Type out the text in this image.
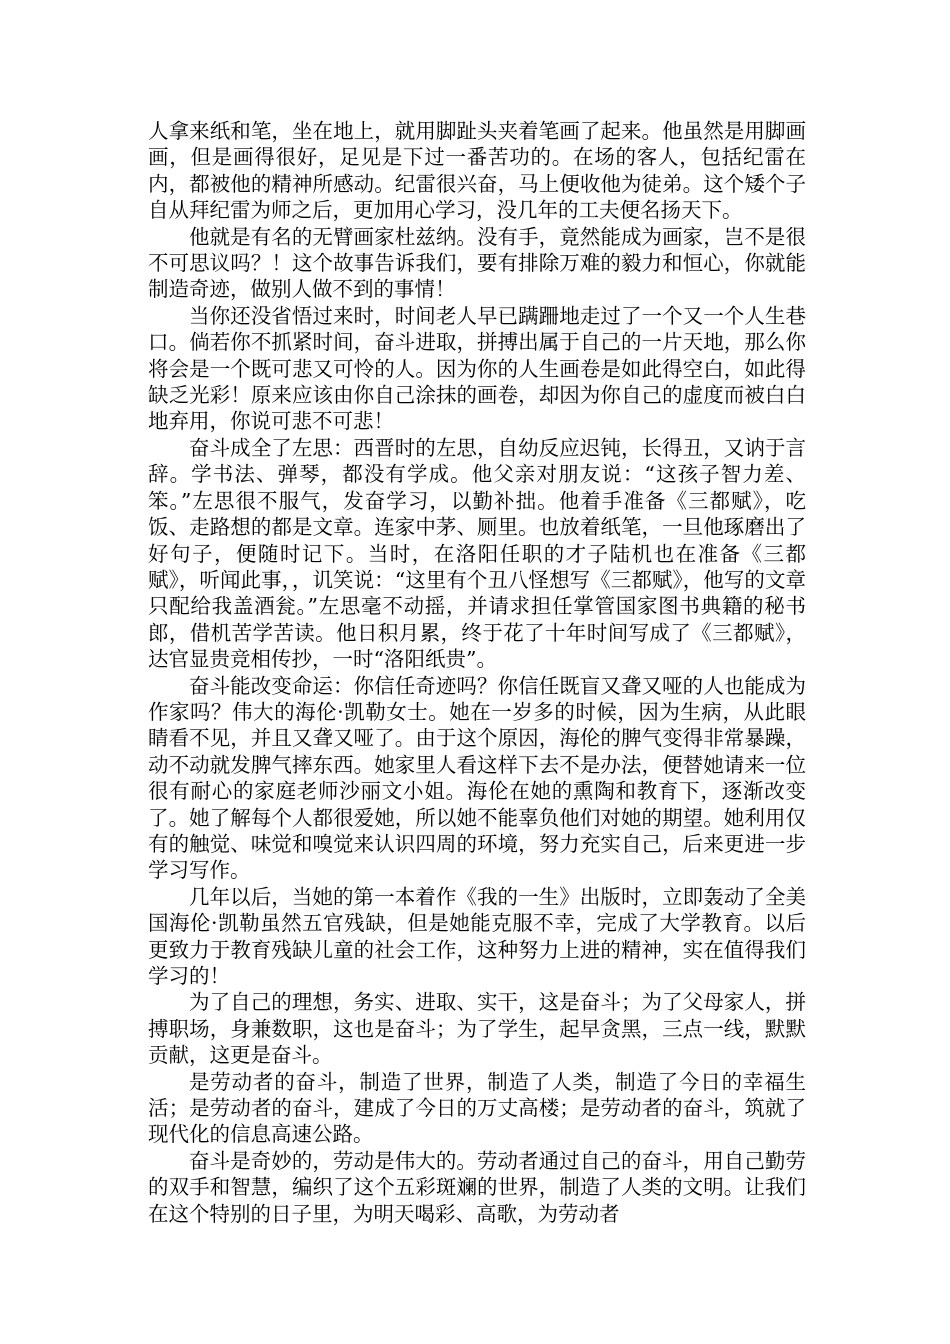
人拿来纸和笔，坐在地上，就用脚趾头夹着笔画了起来。他虽然是用脚画画，但是画得很好，足见是下过一番苦功的。在场的客人，包括纪雷在内，都被他的精神所感动。纪雷很兴奋，马上便收他为徒弟。这个矮个子自从拜纪雷为师之后，更加用心学习，没几年的工夫便名扬天下。

他就是有名的无臂画家杜兹纳。没有手，竟然能成为画家，岂不是很不可思议吗？！这个故事告诉我们，要有排除万难的毅力和恒心，你就能制造奇迹，做别人做不到的事情！

当你还没省悟过来时，时间老人早已蹒跚地走过了一个又一个人生巷口。倘若你不抓紧时间，奋斗进取，拼搏出属于自己的一片天地，那么你将会是一个既可悲又可怜的人。因为你的人生画卷是如此得空白，如此得缺乏光彩！原来应该由你自己涂抹的画卷，却因为你自己的虚度而被白白地弃用，你说可悲不可悲！

奋斗成全了左思：西晋时的左思，自幼反应迟钝，长得丑，又讷于言辞。学书法、弹琴，都没有学成。他父亲对朋友说：“这孩子智力差、笨。”左思很不服气，发奋学习，以勤补拙。他着手准备《三都赋》，吃饭、走路想的都是文章。连家中茅、厕里。也放着纸笔，一旦他琢磨出了好句子，便随时记下。当时，在洛阳任职的才子陆机也在准备《三都赋》，听闻此事，，讥笑说：“这里有个丑八怪想写《三都赋》，他写的文章只配给我盖酒瓮。”左思毫不动摇，并请求担任掌管国家图书典籍的秘书郎，借机苦学苦读。他日积月累，终于花了十年时间写成了《三都赋》，达官显贵竞相传抄，一时“洛阳纸贵”。

奋斗能改变命运：你信任奇迹吗？你信任既盲又聋又哑的人也能成为作家吗？伟大的海伦·凯勒女士。她在一岁多的时候，因为生病，从此眼睛看不见，并且又聋又哑了。由于这个原因，海伦的脾气变得非常暴躁，动不动就发脾气摔东西。她家里人看这样下去不是办法，便替她请来一位很有耐心的家庭老师沙丽文小姐。海伦在她的熏陶和教育下，逐渐改变了。她了解每个人都很爱她，所以她不能辜负他们对她的期望。她利用仅有的触觉、味觉和嗅觉来认识四周的环境，努力充实自己，后来更进一步学习写作。

几年以后，当她的第一本着作《我的一生》出版时，立即轰动了全美国海伦·凯勒虽然五官残缺，但是她能克服不幸，完成了大学教育。以后更致力于教育残缺儿童的社会工作，这种努力上进的精神，实在值得我们学习的！

为了自己的理想，务实、进取、实干，这是奋斗；为了父母家人，拼搏职场，身兼数职，这也是奋斗；为了学生，起早贪黑，三点一线，默默贡献，这更是奋斗。

是劳动者的奋斗，制造了世界，制造了人类，制造了今日的幸福生活；是劳动者的奋斗，建成了今日的万丈高楼；是劳动者的奋斗，筑就了现代化的信息高速公路。

奋斗是奇妙的，劳动是伟大的。劳动者通过自己的奋斗，用自己勤劳的双手和智慧，编织了这个五彩斑斓的世界，制造了人类的文明。让我们在这个特别的日子里，为明天喝彩、高歌，为劳动者
